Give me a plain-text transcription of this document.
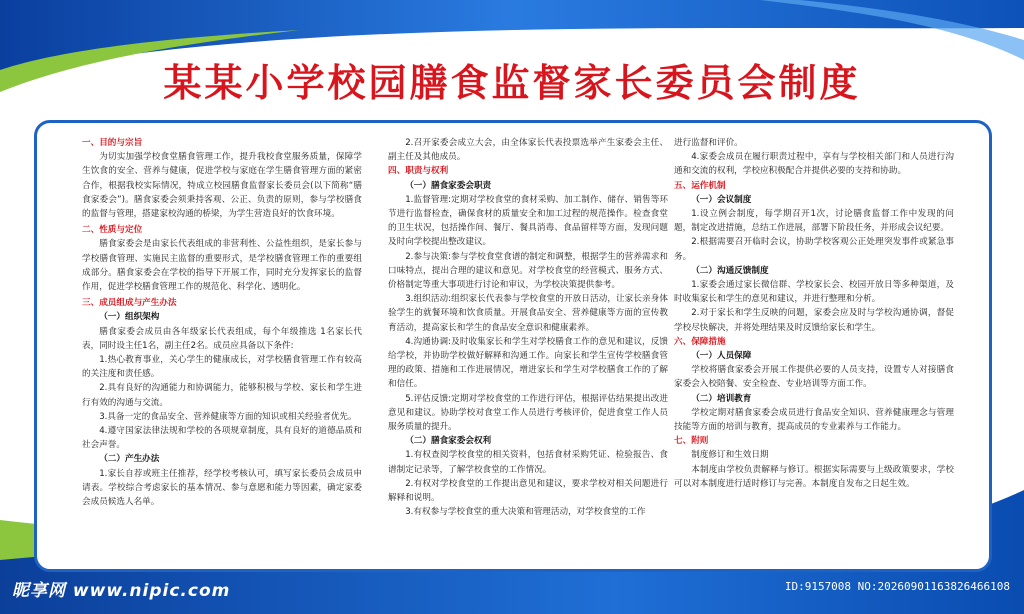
某某小学校园膳食监督家长委员会制度

一、目的与宗旨

为切实加强学校食堂膳食管理工作，提升我校食堂服务质量，保障学生饮食的安全、营养与健康，促进学校与家庭在学生膳食管理方面的紧密合作，根据我校实际情况，特成立校园膳食监督家长委员会(以下简称“膳食家委会”)。膳食家委会须秉持客观、公正、负责的原则，参与学校膳食的监督与管理，搭建家校沟通的桥梁，为学生营造良好的饮食环境。

二、性质与定位

膳食家委会是由家长代表组成的非营利性、公益性组织，是家长参与学校膳食管理、实施民主监督的重要形式，是学校膳食管理工作的重要组成部分。膳食家委会在学校的指导下开展工作，同时充分发挥家长的监督作用，促进学校膳食管理工作的规范化、科学化、透明化。

三、成员组成与产生办法

（一）组织架构

膳食家委会成员由各年级家长代表组成，每个年级推选 1名家长代表，同时设主任1名，副主任2名。成员应具备以下条件:

1.热心教育事业，关心学生的健康成长，对学校膳食管理工作有较高的关注度和责任感。

2.具有良好的沟通能力和协调能力，能够积极与学校、家长和学生进行有效的沟通与交流。

3.具备一定的食品安全、营养健康等方面的知识或相关经验者优先。

4.遵守国家法律法规和学校的各项规章制度，具有良好的道德品质和社会声誉。

（二）产生办法

1.家长自荐或班主任推荐，经学校考核认可，填写家长委员会成员申请表。学校综合考虑家长的基本情况、参与意愿和能力等因素，确定家委会成员候选人名单。

2.召开家委会成立大会，由全体家长代表投票选举产生家委会主任、副主任及其他成员。

四、职责与权利

（一）膳食家委会职责

1.监督管理:定期对学校食堂的食材采购、加工制作、储存、销售等环节进行监督检查，确保食材的质量安全和加工过程的规范操作。检查食堂的卫生状况，包括操作间、餐厅、餐具消毒、食品留样等方面，发现问题及时向学校提出整改建议。

2.参与决策:参与学校食堂食谱的制定和调整，根据学生的营养需求和口味特点，提出合理的建议和意见。对学校食堂的经营模式、服务方式、价格制定等重大事项进行讨论和审议，为学校决策提供参考。

3.组织活动:组织家长代表参与学校食堂的开放日活动，让家长亲身体验学生的就餐环境和饮食质量。开展食品安全、营养健康等方面的宣传教育活动，提高家长和学生的食品安全意识和健康素养。

4.沟通协调:及时收集家长和学生对学校膳食工作的意见和建议，反馈给学校，并协助学校做好解释和沟通工作。向家长和学生宣传学校膳食管理的政策、措施和工作进展情况，增进家长和学生对学校膳食工作的了解和信任。

5.评估反馈:定期对学校食堂的工作进行评估，根据评估结果提出改进意见和建议。协助学校对食堂工作人员进行考核评价，促进食堂工作人员服务质量的提升。

（二）膳食家委会权利

1.有权查阅学校食堂的相关资料，包括食材采购凭证、检验报告、食谱制定记录等，了解学校食堂的工作情况。

2.有权对学校食堂的工作提出意见和建议，要求学校对相关问题进行解释和说明。

3.有权参与学校食堂的重大决策和管理活动，对学校食堂的工作

进行监督和评价。

4.家委会成员在履行职责过程中，享有与学校相关部门和人员进行沟通和交流的权利，学校应积极配合并提供必要的支持和协助。

五、运作机制

（一）会议制度

1.设立例会制度，每学期召开1次，讨论膳食监督工作中发现的问题，制定改进措施，总结工作进展，部署下阶段任务，并形成会议纪要。

2.根据需要召开临时会议，协助学校客观公正处理突发事件或紧急事务。

（二）沟通反馈制度

1.家委会通过家长微信群、学校家长会、校园开放日等多种渠道，及时收集家长和学生的意见和建议，并进行整理和分析。

2.对于家长和学生反映的问题，家委会应及时与学校沟通协调，督促学校尽快解决，并将处理结果及时反馈给家长和学生。

六、保障措施

（一）人员保障

学校将膳食家委会开展工作提供必要的人员支持，设置专人对接膳食家委会入校陪餐、安全检查、专业培训等方面工作。

（二）培训教育

学校定期对膳食家委会成员进行食品安全知识、营养健康理念与管理技能等方面的培训与教育，提高成员的专业素养与工作能力。

七、附则

制度修订和生效日期

本制度由学校负责解释与修订。根据实际需要与上级政策要求，学校可以对本制度进行适时修订与完善。本制度自发布之日起生效。

昵享网 www.nipic.com	ID:9157008 NO:20260901163826466108
